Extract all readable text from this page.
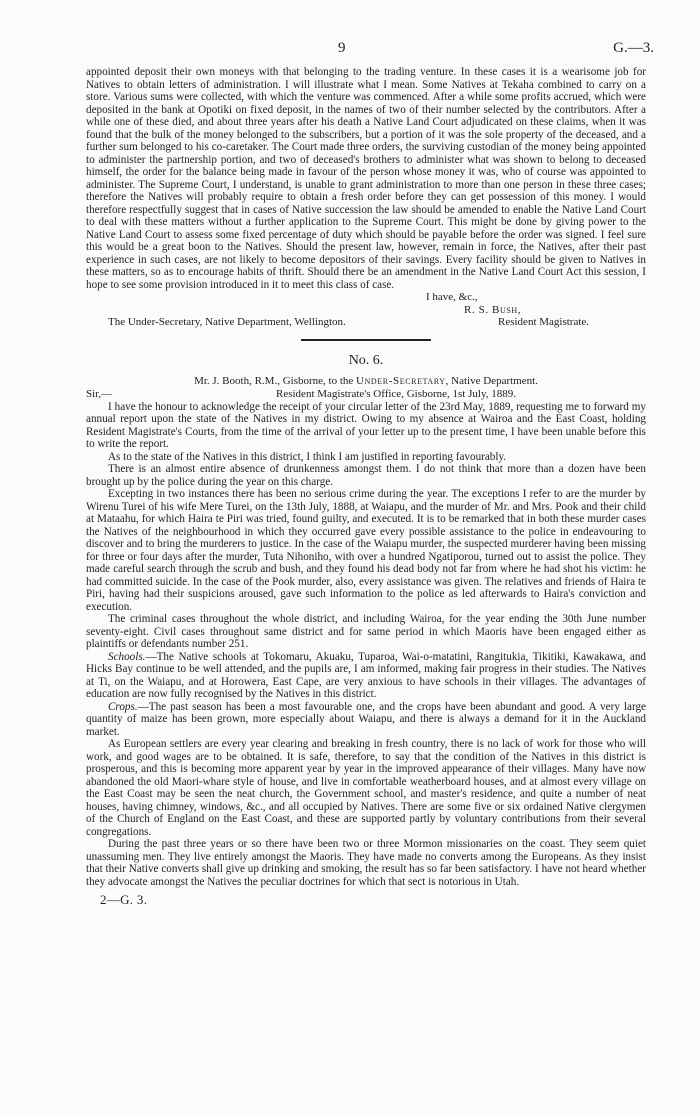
9	G.—3.

appointed deposit their own moneys with that belonging to the trading venture. In these cases it is a wearisome job for Natives to obtain letters of administration. I will illustrate what I mean. Some Natives at Tekaha combined to carry on a store. Various sums were collected, with which the venture was commenced. After a while some profits accrued, which were deposited in the bank at Opotiki on fixed deposit, in the names of two of their number selected by the contributors. After a while one of these died, and about three years after his death a Native Land Court adjudicated on these claims, when it was found that the bulk of the money belonged to the subscribers, but a portion of it was the sole property of the deceased, and a further sum belonged to his co-caretaker. The Court made three orders, the surviving custodian of the money being appointed to administer the partnership portion, and two of deceased's brothers to administer what was shown to belong to deceased himself, the order for the balance being made in favour of the person whose money it was, who of course was appointed to administer. The Supreme Court, I understand, is unable to grant administration to more than one person in these three cases; therefore the Natives will probably require to obtain a fresh order before they can get possession of this money. I would therefore respectfully suggest that in cases of Native succession the law should be amended to enable the Native Land Court to deal with these matters without a further application to the Supreme Court. This might be done by giving power to the Native Land Court to assess some fixed percentage of duty which should be payable before the order was signed. I feel sure this would be a great boon to the Natives. Should the present law, however, remain in force, the Natives, after their past experience in such cases, are not likely to become depositors of their savings. Every facility should be given to Natives in these matters, so as to encourage habits of thrift. Should there be an amendment in the Native Land Court Act this session, I hope to see some provision introduced in it to meet this class of case.

I have, &c.,
R. S. Bush,
The Under-Secretary, Native Department, Wellington.	Resident Magistrate.
No. 6.
Mr. J. Booth, R.M., Gisborne, to the Under-Secretary, Native Department.
Sir,—	Resident Magistrate's Office, Gisborne, 1st July, 1889.

I have the honour to acknowledge the receipt of your circular letter of the 23rd May, 1889, requesting me to forward my annual report upon the state of the Natives in my district. Owing to my absence at Wairoa and the East Coast, holding Resident Magistrate's Courts, from the time of the arrival of your letter up to the present time, I have been unable before this to write the report.

As to the state of the Natives in this district, I think I am justified in reporting favourably.

There is an almost entire absence of drunkenness amongst them. I do not think that more than a dozen have been brought up by the police during the year on this charge.

Excepting in two instances there has been no serious crime during the year. The exceptions I refer to are the murder by Wirenu Turei of his wife Mere Turei, on the 13th July, 1888, at Waiapu, and the murder of Mr. and Mrs. Pook and their child at Mataahu, for which Haira te Piri was tried, found guilty, and executed. It is to be remarked that in both these murder cases the Natives of the neighbourhood in which they occurred gave every possible assistance to the police in endeavouring to discover and to bring the murderers to justice. In the case of the Waiapu murder, the suspected murderer having been missing for three or four days after the murder, Tuta Nihoniho, with over a hundred Ngatiporou, turned out to assist the police. They made careful search through the scrub and bush, and they found his dead body not far from where he had shot his victim: he had committed suicide. In the case of the Pook murder, also, every assistance was given. The relatives and friends of Haira te Piri, having had their suspicions aroused, gave such information to the police as led afterwards to Haira's conviction and execution.

The criminal cases throughout the whole district, and including Wairoa, for the year ending the 30th June number seventy-eight. Civil cases throughout same district and for same period in which Maoris have been engaged either as plaintiffs or defendants number 251.

Schools.—The Native schools at Tokomaru, Akuaku, Tuparoa, Wai-o-matatini, Rangitukia, Tikitiki, Kawakawa, and Hicks Bay continue to be well attended, and the pupils are, I am informed, making fair progress in their studies. The Natives at Ti, on the Waiapu, and at Horowera, East Cape, are very anxious to have schools in their villages. The advantages of education are now fully recognised by the Natives in this district.

Crops.—The past season has been a most favourable one, and the crops have been abundant and good. A very large quantity of maize has been grown, more especially about Waiapu, and there is always a demand for it in the Auckland market.

As European settlers are every year clearing and breaking in fresh country, there is no lack of work for those who will work, and good wages are to be obtained. It is safe, therefore, to say that the condition of the Natives in this district is prosperous, and this is becoming more apparent year by year in the improved appearance of their villages. Many have now abandoned the old Maori-whare style of house, and live in comfortable weatherboard houses, and at almost every village on the East Coast may be seen the neat church, the Government school, and master's residence, and quite a number of neat houses, having chimney, windows, &c., and all occupied by Natives. There are some five or six ordained Native clergymen of the Church of England on the East Coast, and these are supported partly by voluntary contributions from their several congregations.

During the past three years or so there have been two or three Mormon missionaries on the coast. They seem quiet unassuming men. They live entirely amongst the Maoris. They have made no converts among the Europeans. As they insist that their Native converts shall give up drinking and smoking, the result has so far been satisfactory. I have not heard whether they advocate amongst the Natives the peculiar doctrines for which that sect is notorious in Utah.

2—G. 3.
